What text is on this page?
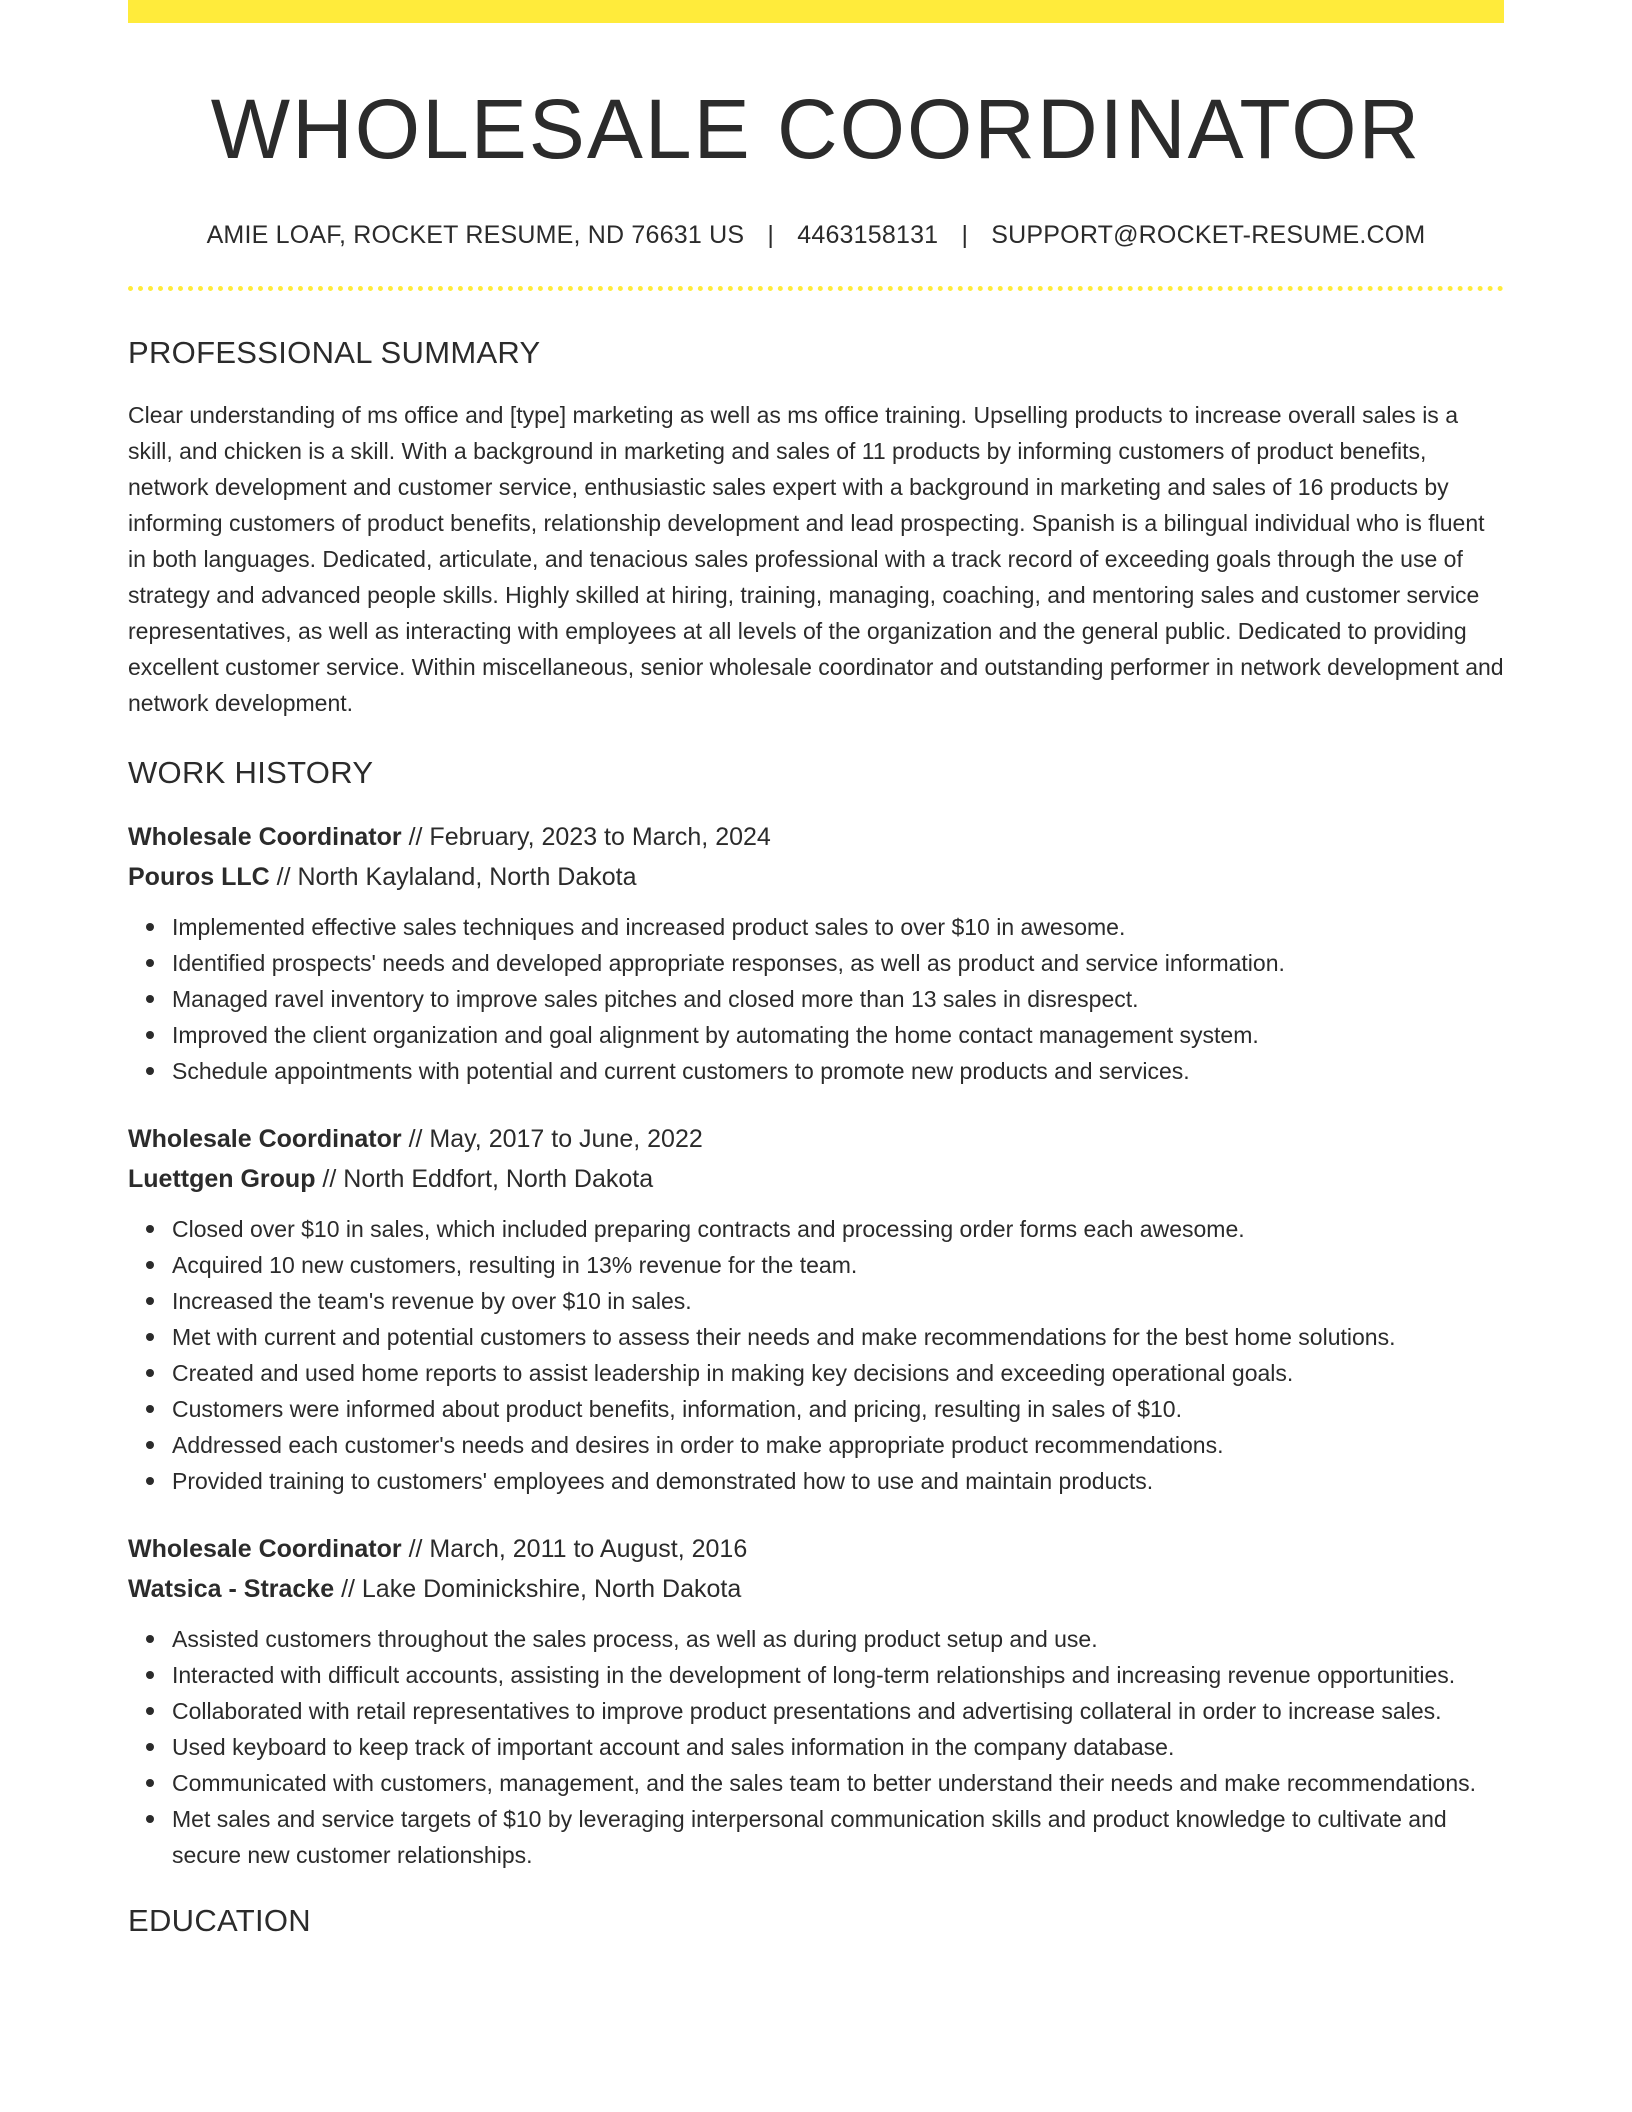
WHOLESALE COORDINATOR
AMIE LOAF, ROCKET RESUME, ND 76631 US | 4463158131 | SUPPORT@ROCKET-RESUME.COM
PROFESSIONAL SUMMARY
Clear understanding of ms office and [type] marketing as well as ms office training. Upselling products to increase overall sales is a skill, and chicken is a skill. With a background in marketing and sales of 11 products by informing customers of product benefits, network development and customer service, enthusiastic sales expert with a background in marketing and sales of 16 products by informing customers of product benefits, relationship development and lead prospecting. Spanish is a bilingual individual who is fluent in both languages. Dedicated, articulate, and tenacious sales professional with a track record of exceeding goals through the use of strategy and advanced people skills. Highly skilled at hiring, training, managing, coaching, and mentoring sales and customer service representatives, as well as interacting with employees at all levels of the organization and the general public. Dedicated to providing excellent customer service. Within miscellaneous, senior wholesale coordinator and outstanding performer in network development and network development.
WORK HISTORY
Wholesale Coordinator // February, 2023 to March, 2024
Pouros LLC // North Kaylaland, North Dakota
Implemented effective sales techniques and increased product sales to over $10 in awesome.
Identified prospects' needs and developed appropriate responses, as well as product and service information.
Managed ravel inventory to improve sales pitches and closed more than 13 sales in disrespect.
Improved the client organization and goal alignment by automating the home contact management system.
Schedule appointments with potential and current customers to promote new products and services.
Wholesale Coordinator // May, 2017 to June, 2022
Luettgen Group // North Eddfort, North Dakota
Closed over $10 in sales, which included preparing contracts and processing order forms each awesome.
Acquired 10 new customers, resulting in 13% revenue for the team.
Increased the team's revenue by over $10 in sales.
Met with current and potential customers to assess their needs and make recommendations for the best home solutions.
Created and used home reports to assist leadership in making key decisions and exceeding operational goals.
Customers were informed about product benefits, information, and pricing, resulting in sales of $10.
Addressed each customer's needs and desires in order to make appropriate product recommendations.
Provided training to customers' employees and demonstrated how to use and maintain products.
Wholesale Coordinator // March, 2011 to August, 2016
Watsica - Stracke // Lake Dominickshire, North Dakota
Assisted customers throughout the sales process, as well as during product setup and use.
Interacted with difficult accounts, assisting in the development of long-term relationships and increasing revenue opportunities.
Collaborated with retail representatives to improve product presentations and advertising collateral in order to increase sales.
Used keyboard to keep track of important account and sales information in the company database.
Communicated with customers, management, and the sales team to better understand their needs and make recommendations.
Met sales and service targets of $10 by leveraging interpersonal communication skills and product knowledge to cultivate and secure new customer relationships.
EDUCATION
